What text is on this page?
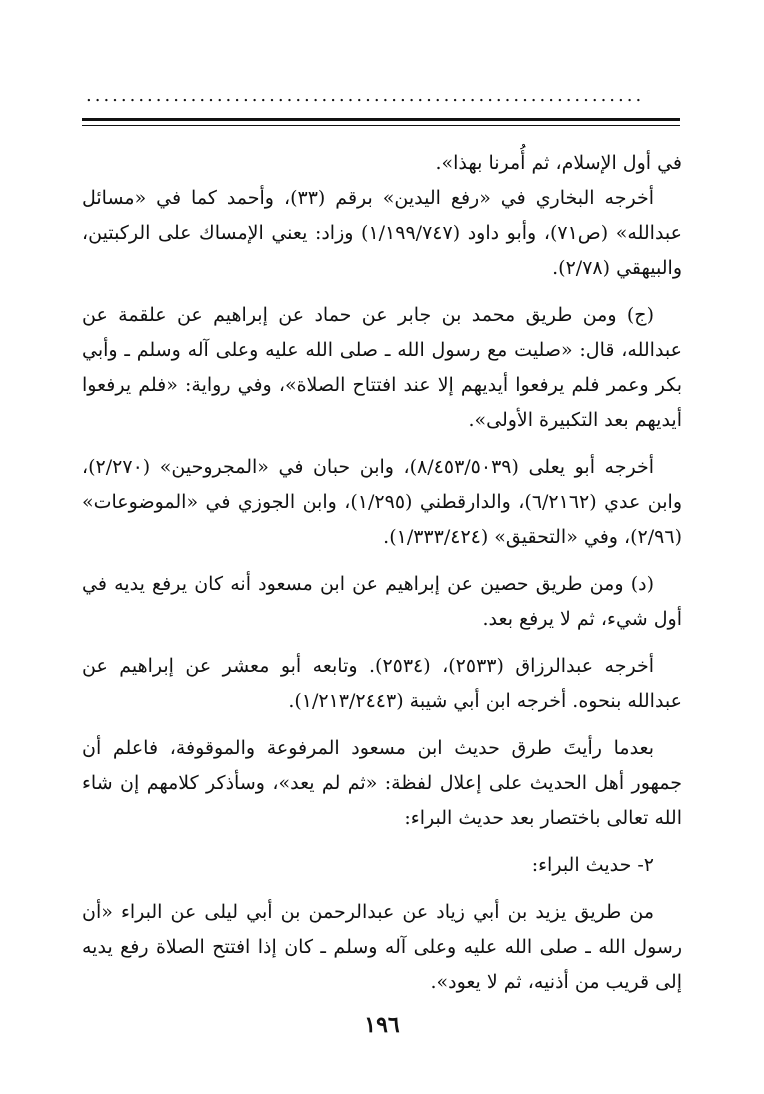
................................................................

في أول الإسلام، ثم أُمرنا بهذا».

أخرجه البخاري في «رفع اليدين» برقم (٣٣)، وأحمد كما في «مسائل عبدالله» (ص٧١)، وأبو داود (١/١٩٩/٧٤٧) وزاد: يعني الإمساك على الركبتين، والبيهقي (٢/٧٨).

(ج) ومن طريق محمد بن جابر عن حماد عن إبراهيم عن علقمة عن عبدالله، قال: «صليت مع رسول الله ـ صلى الله عليه وعلى آله وسلم ـ وأبي بكر وعمر فلم يرفعوا أيديهم إلا عند افتتاح الصلاة»، وفي رواية: «فلم يرفعوا أيديهم بعد التكبيرة الأولى».

أخرجه أبو يعلى (٨/٤٥٣/٥٠٣٩)، وابن حبان في «المجروحين» (٢/٢٧٠)، وابن عدي (٦/٢١٦٢)، والدارقطني (١/٢٩٥)، وابن الجوزي في «الموضوعات» (٢/٩٦)، وفي «التحقيق» (١/٣٣٣/٤٢٤).

(د) ومن طريق حصين عن إبراهيم عن ابن مسعود أنه كان يرفع يديه في أول شيء، ثم لا يرفع بعد.

أخرجه عبدالرزاق (٢٥٣٣)، (٢٥٣٤). وتابعه أبو معشر عن إبراهيم عن عبدالله بنحوه. أخرجه ابن أبي شيبة (١/٢١٣/٢٤٤٣).

بعدما رأيتَ طرق حديث ابن مسعود المرفوعة والموقوفة، فاعلم أن جمهور أهل الحديث على إعلال لفظة: «ثم لم يعد»، وسأذكر كلامهم إن شاء الله تعالى باختصار بعد حديث البراء:

٢- حديث البراء:

من طريق يزيد بن أبي زياد عن عبدالرحمن بن أبي ليلى عن البراء «أن رسول الله ـ صلى الله عليه وعلى آله وسلم ـ كان إذا افتتح الصلاة رفع يديه إلى قريب من أذنيه، ثم لا يعود».

١٩٦
